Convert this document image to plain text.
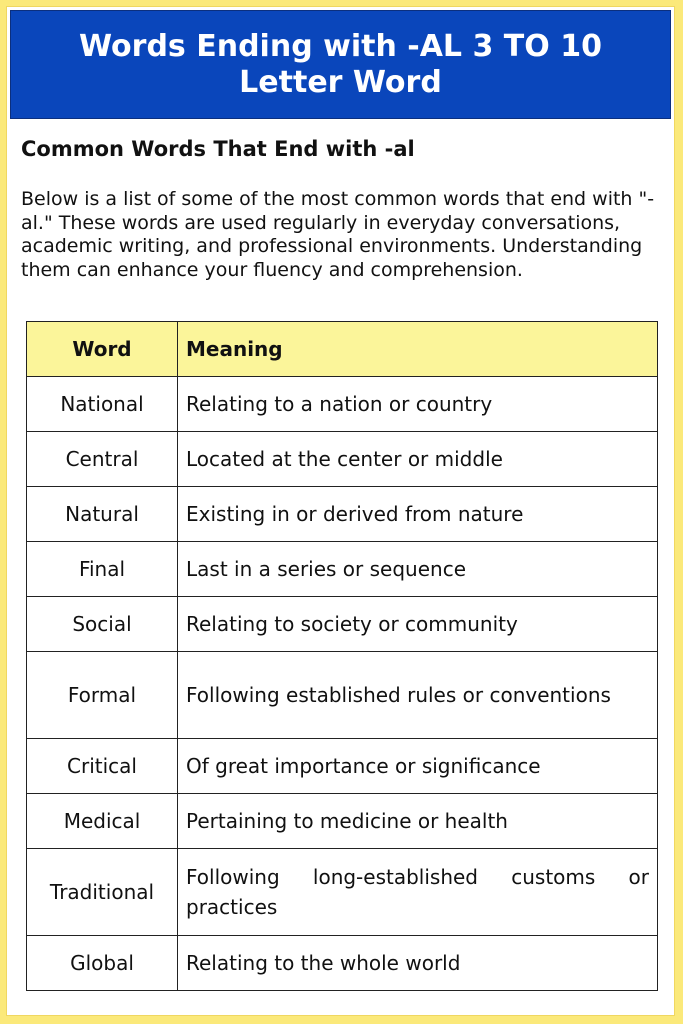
Words Ending with -AL 3 TO 10 Letter Word
Common Words That End with -al

Below is a list of some of the most common words that end with "-al." These words are used regularly in everyday conversations, academic writing, and professional environments. Understanding them can enhance your fluency and comprehension.

Word	Meaning
National	Relating to a nation or country
Central	Located at the center or middle
Natural	Existing in or derived from nature
Final	Last in a series or sequence
Social	Relating to society or community
Formal	Following established rules or conventions
Critical	Of great importance or significance
Medical	Pertaining to medicine or health
Traditional	Following long-established customs or practices
Global	Relating to the whole world
